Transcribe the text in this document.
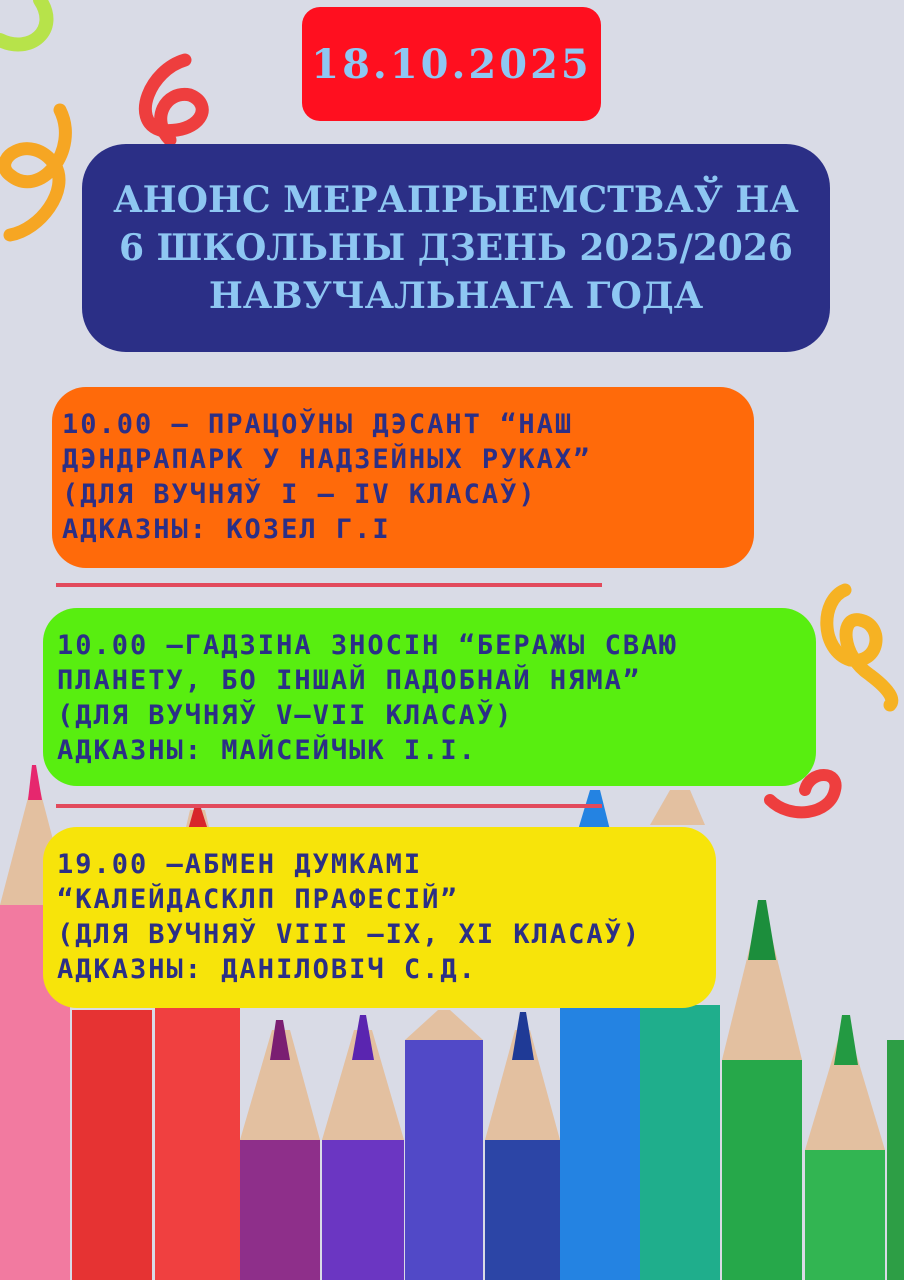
18.10.2025
АНОНС МЕРАПРЫЕМСТВАЎ НА 6 ШКОЛЬНЫ ДЗЕНЬ 2025/2026 НАВУЧАЛЬНАГА ГОДА
10.00 – ПРАЦОЎНЫ ДЭСАНТ “НАШ
ДЭНДРАПАРК У НАДЗЕЙНЫХ РУКАХ”
(ДЛЯ ВУЧНЯЎ I – IV КЛАСАЎ)
АДКАЗНЫ: КОЗЕЛ Г.І
10.00 –ГАДЗІНА ЗНОСІН “БЕРАЖЫ СВАЮ
ПЛАНЕТУ, БО ІНШАЙ ПАДОБНАЙ НЯМА”
(ДЛЯ ВУЧНЯЎ V–VII КЛАСАЎ)
АДКАЗНЫ: МАЙСЕЙЧЫК І.І.
19.00 –АБМЕН ДУМКАМІ
“КАЛЕЙДАСКЛП ПРАФЕСІЙ”
(ДЛЯ ВУЧНЯЎ VIII –IX, XI КЛАСАЎ)
АДКАЗНЫ: ДАНІЛОВІЧ С.Д.
